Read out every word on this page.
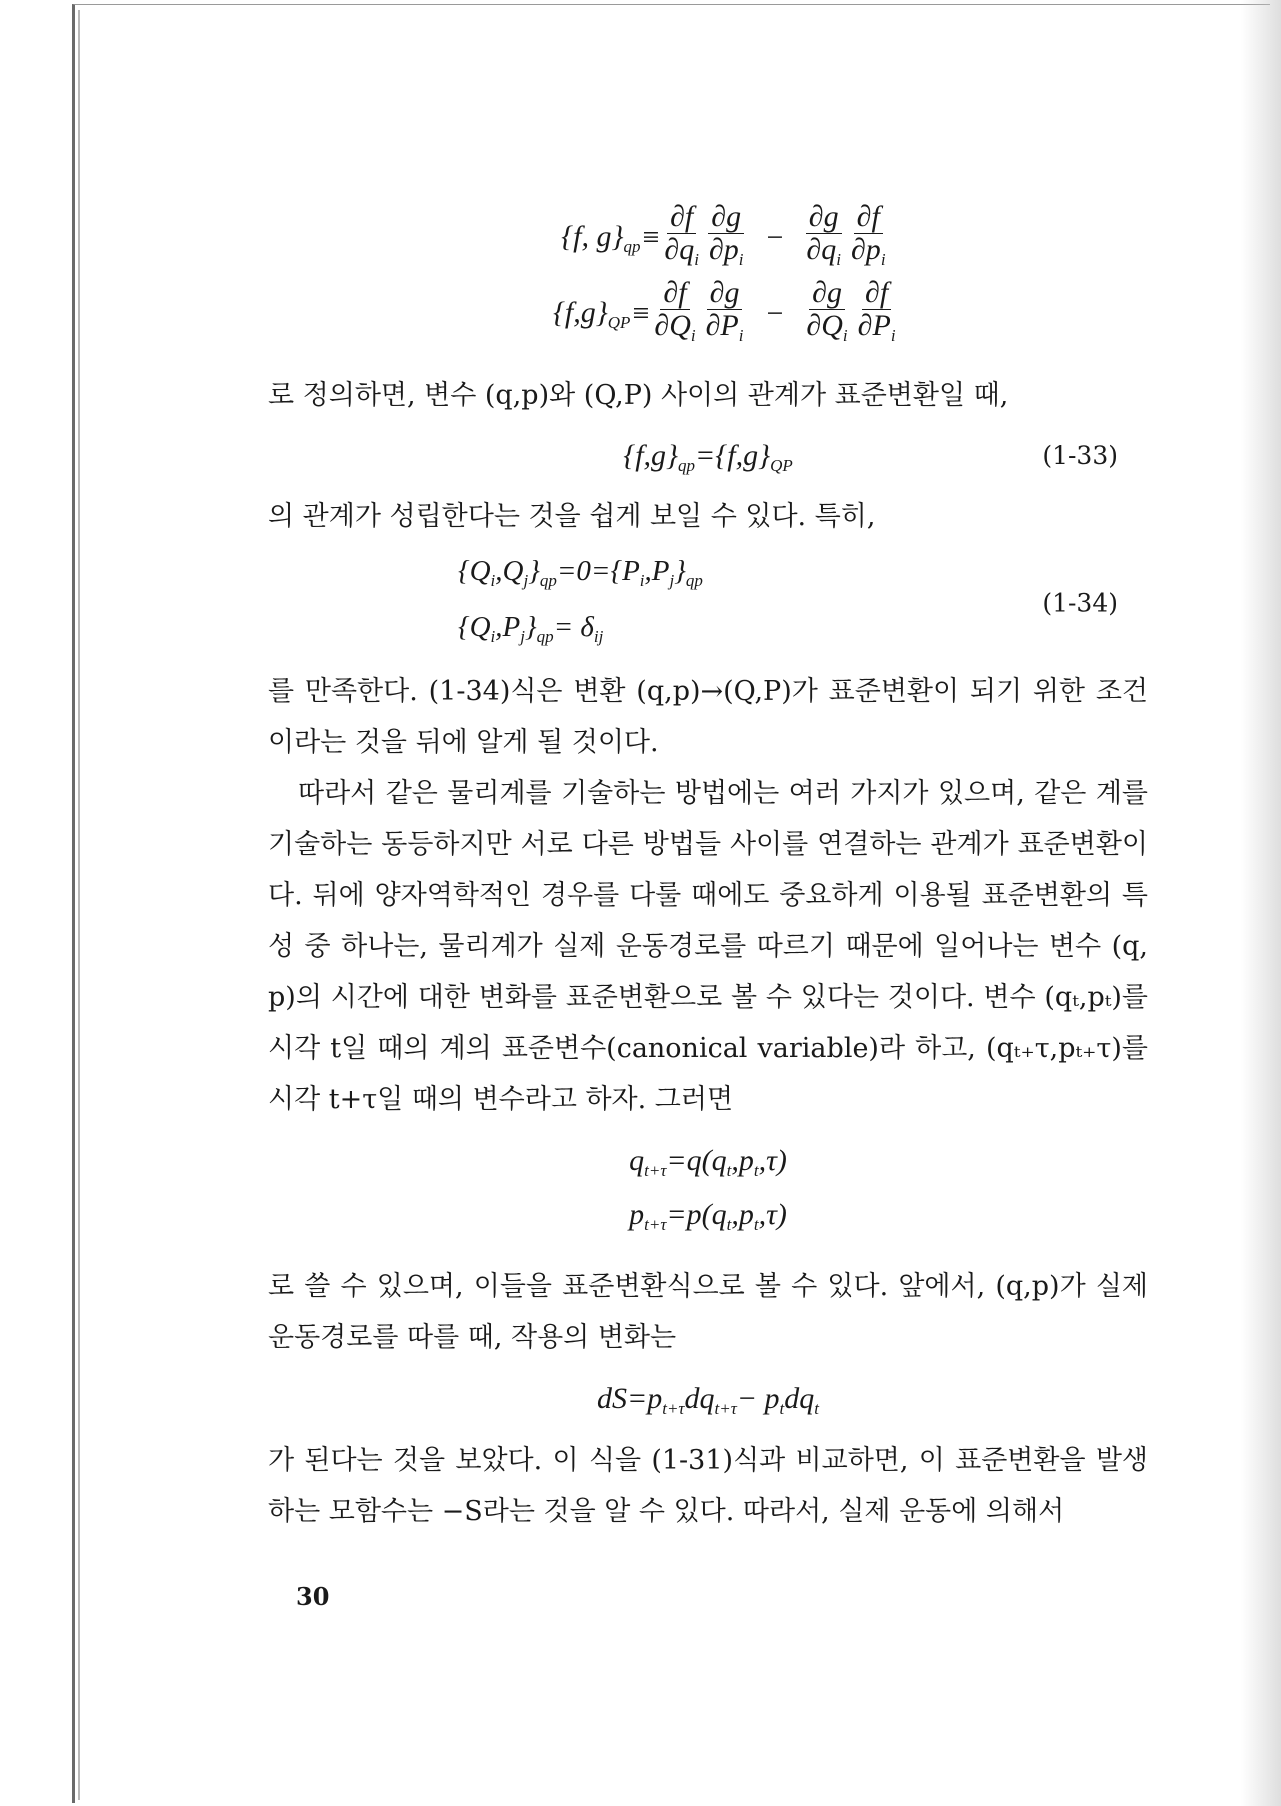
{f, $g\}_{qp} \equiv \frac{\partial f}{\partial q_i} \frac{\partial g}{\partial p_i} - \frac{\partial g}{\partial q_i} \frac{\partial f}{\partial p_i}$
$\{f,g\}_{QP} \equiv \frac{\partial f}{\partial Q_i} \frac{\partial g}{\partial P_i} - \frac{\partial g}{\partial Q_i} \frac{\partial f}{\partial P_i}$

로 정의하면, 변수 (q,p)와 (Q,P) 사이의 관계가 표준변환일 때,

$\{f,g\}_{qp}=\{f,g\}_{QP}$	(1-33)

의 관계가 성립한다는 것을 쉽게 보일 수 있다. 특히,

$\{Q_i,Q_j\}_{qp}=0=\{P_i,P_j\}_{qp}$
$\{Q_i,P_j\}_{qp}= \delta_{ij}$
(1-34)

를 만족한다. (1-34)식은 변환 (q,p)→(Q,P)가 표준변환이 되기 위한 조건이라는 것을 뒤에 알게 될 것이다.

따라서 같은 물리계를 기술하는 방법에는 여러 가지가 있으며, 같은 계를 기술하는 동등하지만 서로 다른 방법들 사이를 연결하는 관계가 표준변환이다. 뒤에 양자역학적인 경우를 다룰 때에도 중요하게 이용될 표준변환의 특성 중 하나는, 물리계가 실제 운동경로를 따르기 때문에 일어나는 변수 (q, p)의 시간에 대한 변화를 표준변환으로 볼 수 있다는 것이다. 변수 (qₜ,pₜ)를 시각 t일 때의 계의 표준변수(canonical variable)라 하고, (qₜ₊τ,pₜ₊τ)를 시각 t+τ일 때의 변수라고 하자. 그러면

$q_{t+\tau}=q(q_t,p_t,\tau)$
$p_{t+\tau}=p(q_t,p_t,\tau)$

로 쓸 수 있으며, 이들을 표준변환식으로 볼 수 있다. 앞에서, (q,p)가 실제 운동경로를 따를 때, 작용의 변화는

$dS=p_{t+\tau}dq_{t+\tau}- p_tdq_t$

가 된다는 것을 보았다. 이 식을 (1-31)식과 비교하면, 이 표준변환을 발생하는 모함수는 −S라는 것을 알 수 있다. 따라서, 실제 운동에 의해서

30
